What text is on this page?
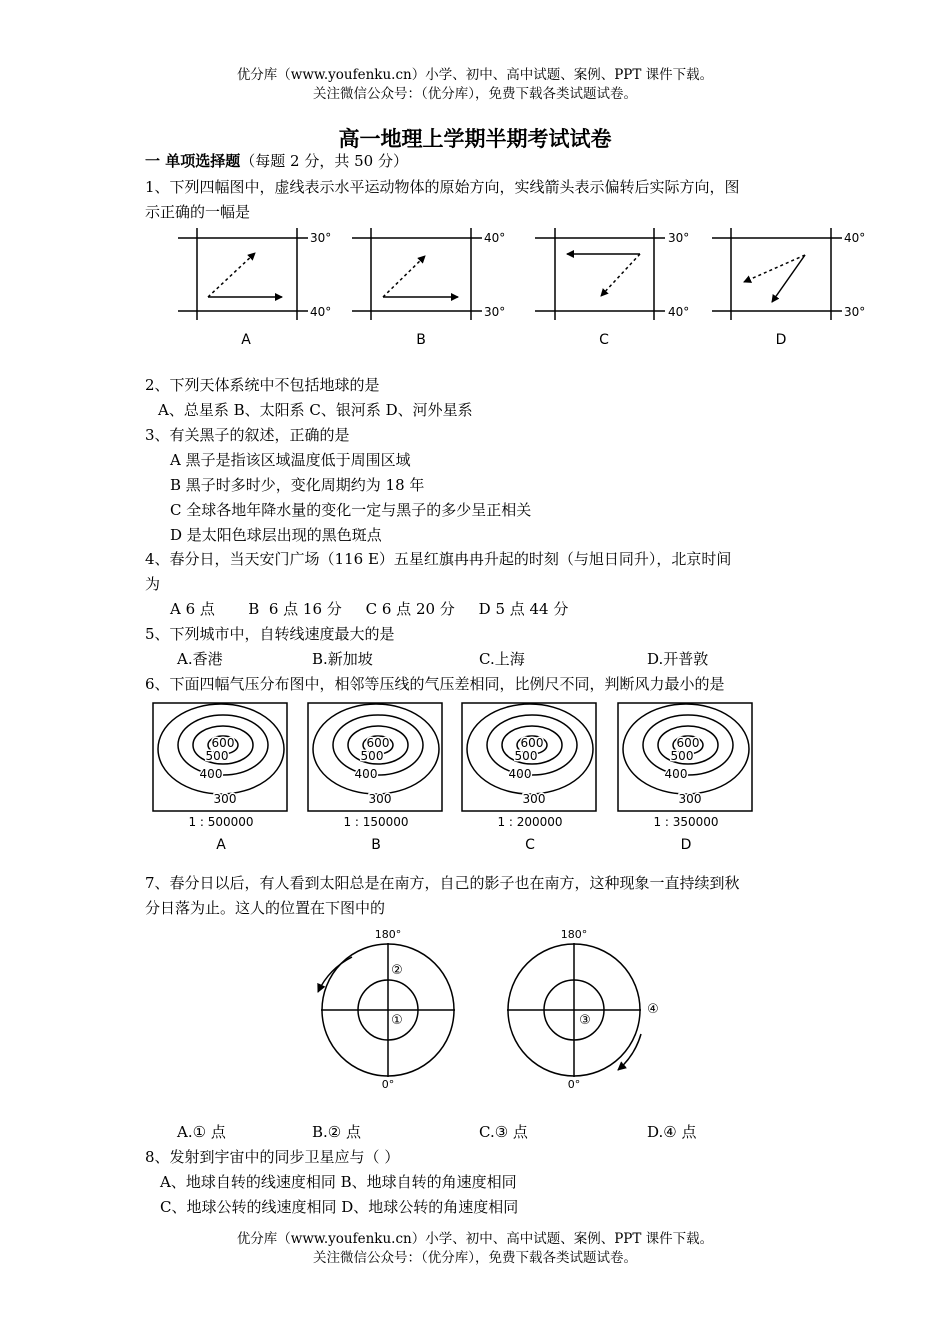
优分库（www.youfenku.cn）小学、初中、高中试题、案例、PPT 课件下载。
关注微信公众号：（优分库），免费下载各类试题试卷。
高一地理上学期半期考试试卷
一 单项选择题（每题 2 分，共 50 分）
1、下列四幅图中，虚线表示水平运动物体的原始方向，实线箭头表示偏转后实际方向，图
示正确的一幅是
30°
40°
40°
30°
30°
40°
40°
30°
A	B	C	D
2、下列天体系统中不包括地球的是
A、总星系 B、太阳系 C、银河系 D、河外星系
3、有关黑子的叙述，正确的是
A 黑子是指该区域温度低于周围区域
B 黑子时多时少，变化周期约为 18 年
C 全球各地年降水量的变化一定与黑子的多少呈正相关
D 是太阳色球层出现的黑色斑点
4、春分日，当天安门广场（116 E）五星红旗冉冉升起的时刻（与旭日同升），北京时间
为
A 6 点       B  6 点 16 分     C 6 点 20 分     D 5 点 44 分
5、下列城市中，自转线速度最大的是
A.香港	B.新加坡	C.上海	D.开普敦
6、下面四幅气压分布图中，相邻等压线的气压差相同，比例尺不同，判断风力最小的是
600
500
400
300
1 : 500000
A
600
500
400
300
1 : 150000
B
600
500
400
300
1 : 200000
C
600
500
400
300
1 : 350000
D
7、春分日以后，有人看到太阳总是在南方，自己的影子也在南方，这种现象一直持续到秋
分日落为止。这人的位置在下图中的
180°
0°
180°
0°
①
②
③
④
A.① 点	B.② 点	C.③ 点	D.④ 点
8、发射到宇宙中的同步卫星应与（ ）
A、地球自转的线速度相同 B、地球自转的角速度相同
C、地球公转的线速度相同 D、地球公转的角速度相同
优分库（www.youfenku.cn）小学、初中、高中试题、案例、PPT 课件下载。
关注微信公众号：（优分库），免费下载各类试题试卷。
